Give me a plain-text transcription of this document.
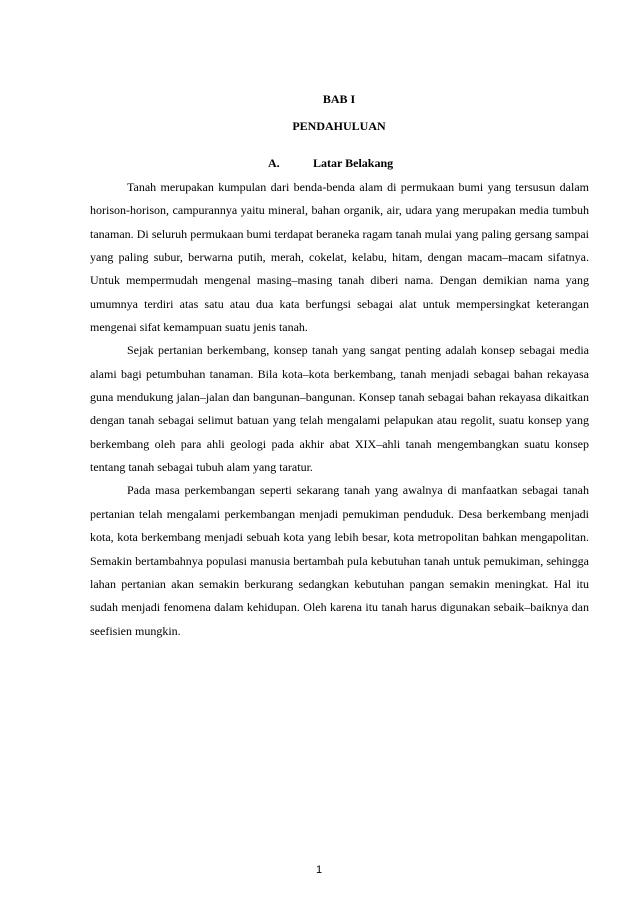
BAB I
PENDAHULUAN
A.	Latar Belakang

Tanah merupakan kumpulan dari benda-benda alam di permukaan bumi yang tersusun dalam horison-horison, campurannya yaitu mineral, bahan organik, air, udara yang merupakan media tumbuh tanaman. Di seluruh permukaan bumi terdapat beraneka ragam tanah mulai yang paling gersang sampai yang paling subur, berwarna putih, merah, cokelat, kelabu, hitam, dengan macam–macam sifatnya. Untuk mempermudah mengenal masing–masing tanah diberi nama. Dengan demikian nama yang umumnya terdiri atas satu atau dua kata berfungsi sebagai alat untuk mempersingkat keterangan mengenai sifat kemampuan suatu jenis tanah.

Sejak pertanian berkembang, konsep tanah yang sangat penting adalah konsep sebagai media alami bagi petumbuhan tanaman. Bila kota–kota berkembang, tanah menjadi sebagai bahan rekayasa guna mendukung jalan–jalan dan bangunan–bangunan. Konsep tanah sebagai bahan rekayasa dikaitkan dengan tanah sebagai selimut batuan yang telah mengalami pelapukan atau regolit, suatu konsep yang berkembang oleh para ahli geologi pada akhir abat XIX–ahli tanah mengembangkan suatu konsep tentang tanah sebagai tubuh alam yang taratur.

Pada masa perkembangan seperti sekarang tanah yang awalnya di manfaatkan sebagai tanah pertanian telah mengalami perkembangan menjadi pemukiman penduduk. Desa berkembang menjadi kota, kota berkembang menjadi sebuah kota yang lebih besar, kota metropolitan bahkan mengapolitan. Semakin bertambahnya populasi manusia bertambah pula kebutuhan tanah untuk pemukiman, sehingga lahan pertanian akan semakin berkurang sedangkan kebutuhan pangan semakin meningkat. Hal itu sudah menjadi fenomena dalam kehidupan. Oleh karena itu tanah harus digunakan sebaik–baiknya dan seefisien mungkin.

1
